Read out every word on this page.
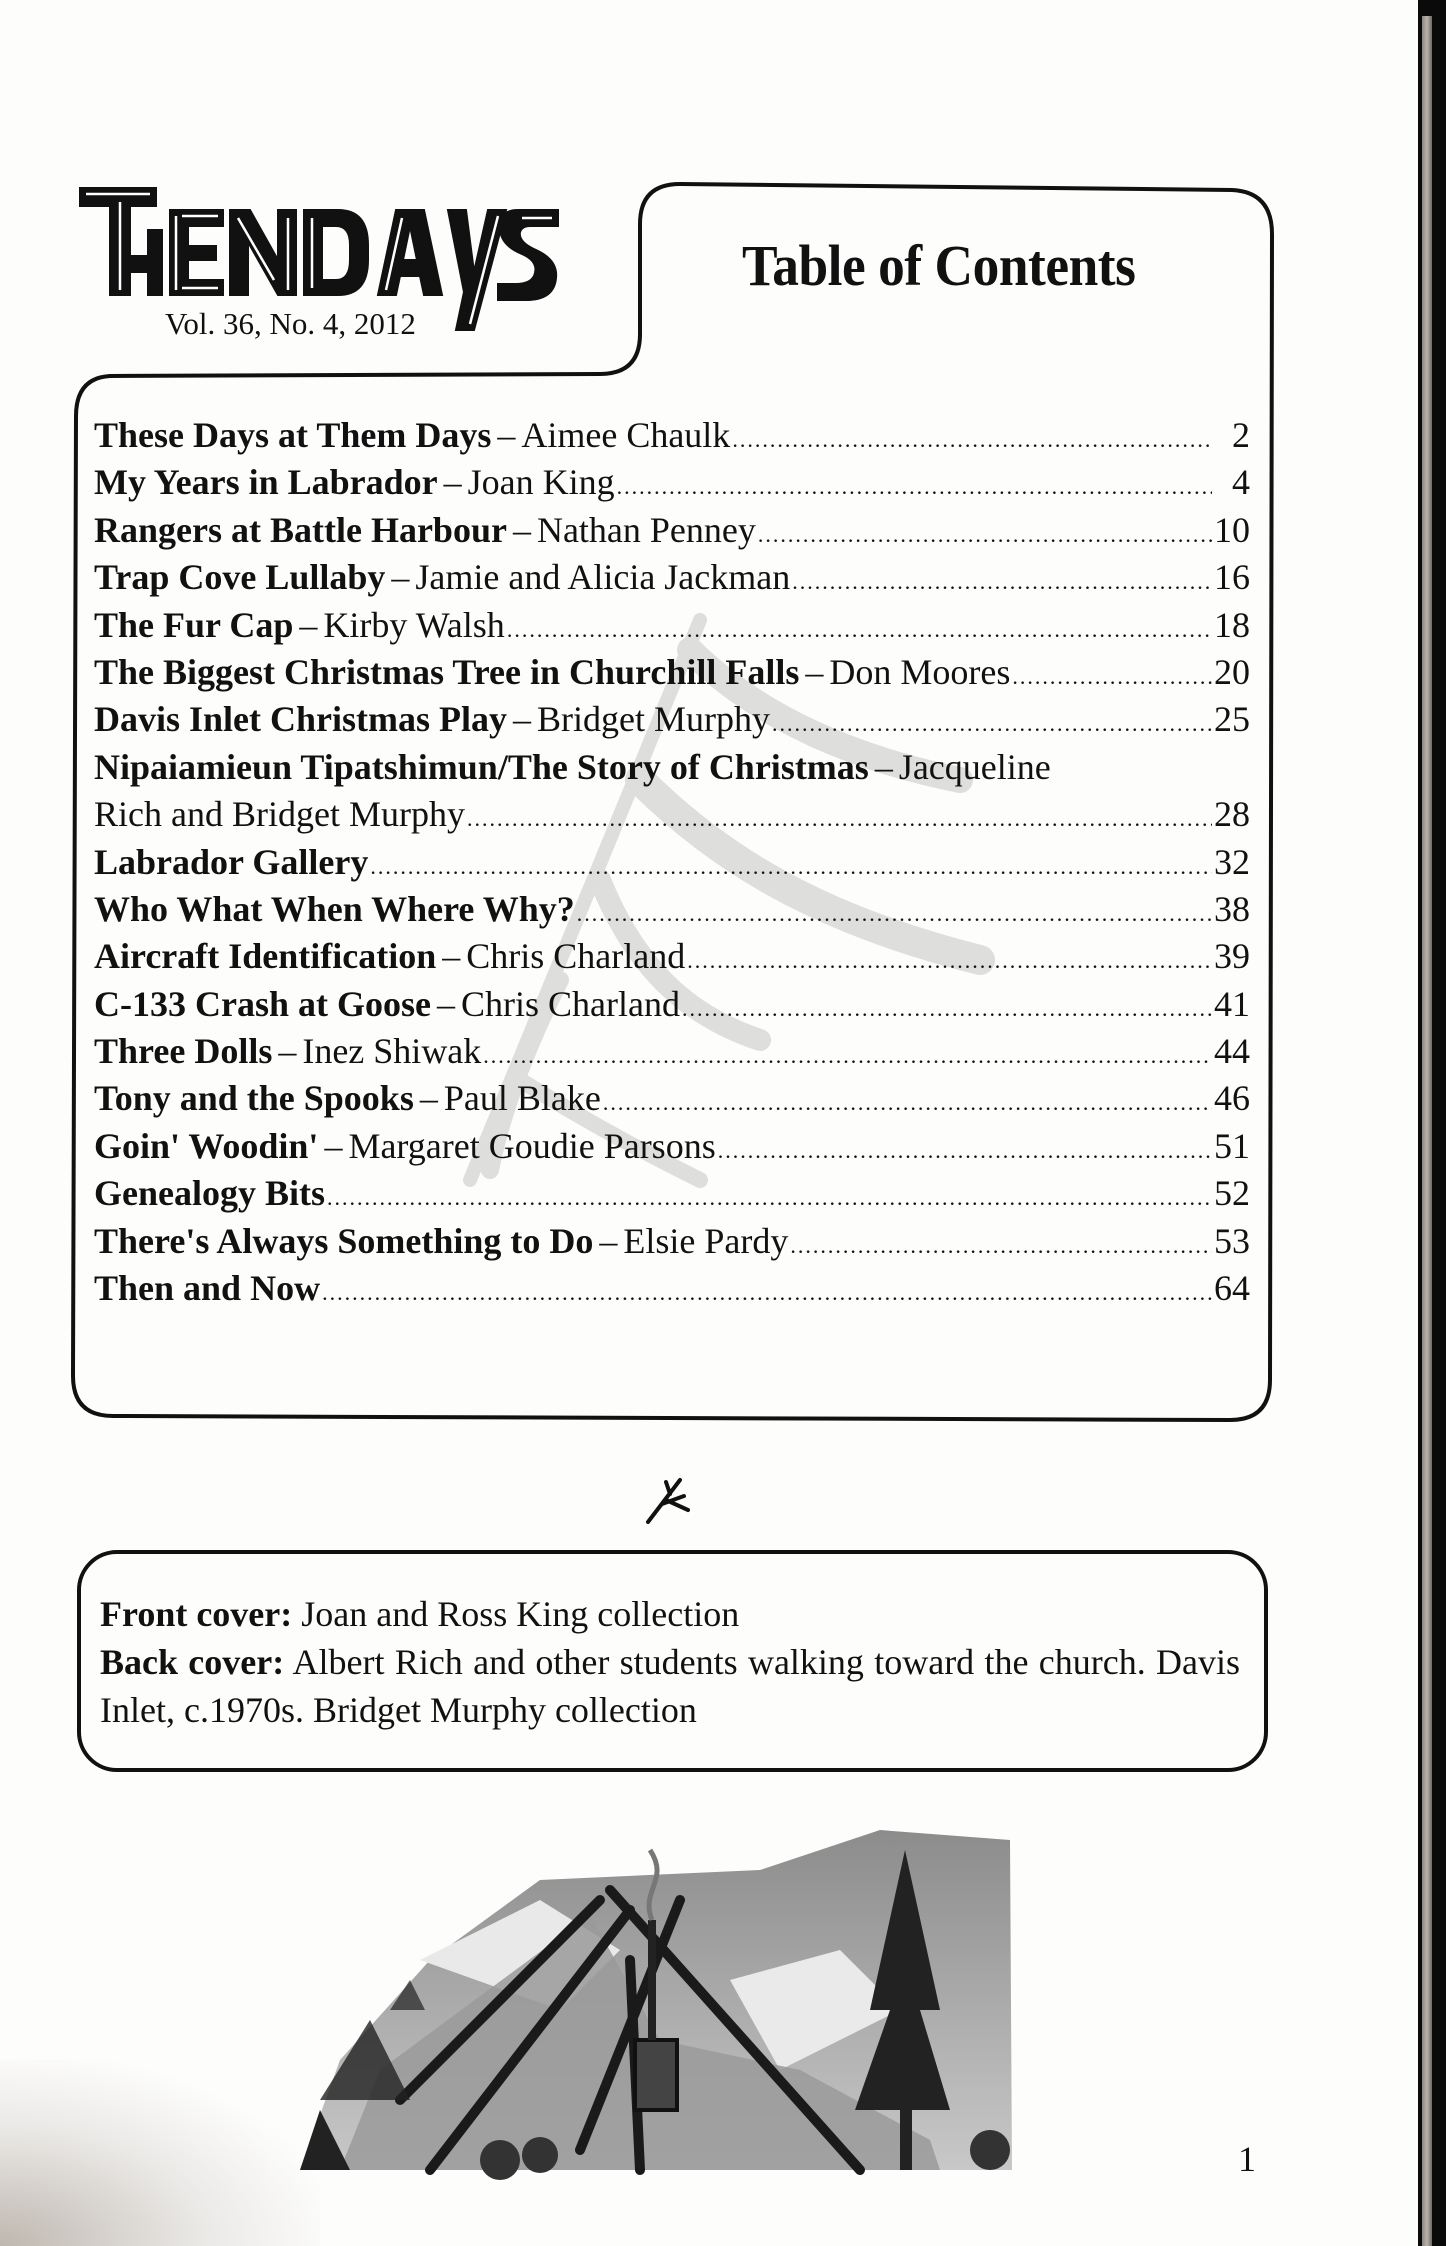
Vol. 36, No. 4, 2012
Table of Contents
These Days at Them Days – Aimee Chaulk .....	2
My Years in Labrador – Joan King .....	4
Rangers at Battle Harbour – Nathan Penney .....	10
Trap Cove Lullaby – Jamie and Alicia Jackman .....	16
The Fur Cap – Kirby Walsh .....	18
The Biggest Christmas Tree in Churchill Falls – Don Moores .....	20
Davis Inlet Christmas Play – Bridget Murphy .....	25
Nipaiamieun Tipatshimun/The Story of Christmas – Jacqueline
Rich and Bridget Murphy .....	28
Labrador Gallery .....	32
Who What When Where Why? .....	38
Aircraft Identification – Chris Charland .....	39
C-133 Crash at Goose – Chris Charland .....	41
Three Dolls – Inez Shiwak .....	44
Tony and the Spooks – Paul Blake .....	46
Goin' Woodin' – Margaret Goudie Parsons .....	51
Genealogy Bits .....	52
There's Always Something to Do – Elsie Pardy .....	53
Then and Now .....	64

Front cover: Joan and Ross King collection

Back cover: Albert Rich and other students walking toward the church. Davis Inlet, c.1970s. Bridget Murphy collection

1
